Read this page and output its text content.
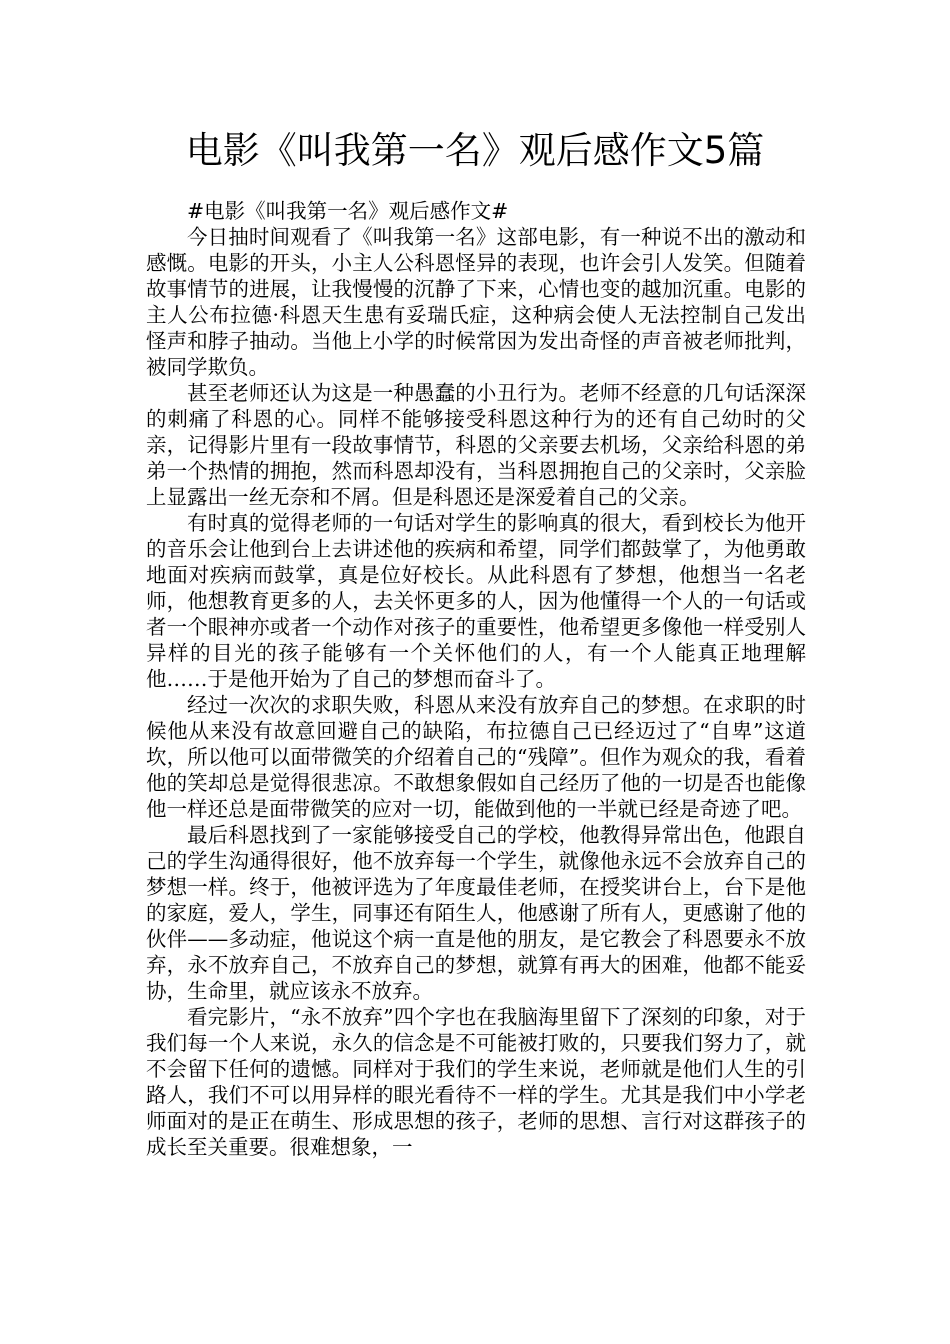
电影《叫我第一名》观后感作文5篇

#电影《叫我第一名》观后感作文#

今日抽时间观看了《叫我第一名》这部电影，有一种说不出的激动和感慨。电影的开头，小主人公科恩怪异的表现，也许会引人发笑。但随着故事情节的进展，让我慢慢的沉静了下来，心情也变的越加沉重。电影的主人公布拉德·科恩天生患有妥瑞氏症，这种病会使人无法控制自己发出怪声和脖子抽动。当他上小学的时候常因为发出奇怪的声音被老师批判，被同学欺负。

甚至老师还认为这是一种愚蠢的小丑行为。老师不经意的几句话深深的刺痛了科恩的心。同样不能够接受科恩这种行为的还有自己幼时的父亲，记得影片里有一段故事情节，科恩的父亲要去机场，父亲给科恩的弟弟一个热情的拥抱，然而科恩却没有，当科恩拥抱自己的父亲时，父亲脸上显露出一丝无奈和不屑。但是科恩还是深爱着自己的父亲。

有时真的觉得老师的一句话对学生的影响真的很大，看到校长为他开的音乐会让他到台上去讲述他的疾病和希望，同学们都鼓掌了，为他勇敢地面对疾病而鼓掌，真是位好校长。从此科恩有了梦想，他想当一名老师，他想教育更多的人，去关怀更多的人，因为他懂得一个人的一句话或者一个眼神亦或者一个动作对孩子的重要性，他希望更多像他一样受别人异样的目光的孩子能够有一个关怀他们的人，有一个人能真正地理解他……于是他开始为了自己的梦想而奋斗了。

经过一次次的求职失败，科恩从来没有放弃自己的梦想。在求职的时候他从来没有故意回避自己的缺陷，布拉德自己已经迈过了“自卑”这道坎，所以他可以面带微笑的介绍着自己的“残障”。但作为观众的我，看着他的笑却总是觉得很悲凉。不敢想象假如自己经历了他的一切是否也能像他一样还总是面带微笑的应对一切，能做到他的一半就已经是奇迹了吧。

最后科恩找到了一家能够接受自己的学校，他教得异常出色，他跟自己的学生沟通得很好，他不放弃每一个学生，就像他永远不会放弃自己的梦想一样。终于，他被评选为了年度最佳老师，在授奖讲台上，台下是他的家庭，爱人，学生，同事还有陌生人，他感谢了所有人，更感谢了他的伙伴——多动症，他说这个病一直是他的朋友，是它教会了科恩要永不放弃，永不放弃自己，不放弃自己的梦想，就算有再大的困难，他都不能妥协，生命里，就应该永不放弃。

看完影片，“永不放弃”四个字也在我脑海里留下了深刻的印象，对于我们每一个人来说，永久的信念是不可能被打败的，只要我们努力了，就不会留下任何的遗憾。同样对于我们的学生来说，老师就是他们人生的引路人，我们不可以用异样的眼光看待不一样的学生。尤其是我们中小学老师面对的是正在萌生、形成思想的孩子，老师的思想、言行对这群孩子的成长至关重要。很难想象，一
